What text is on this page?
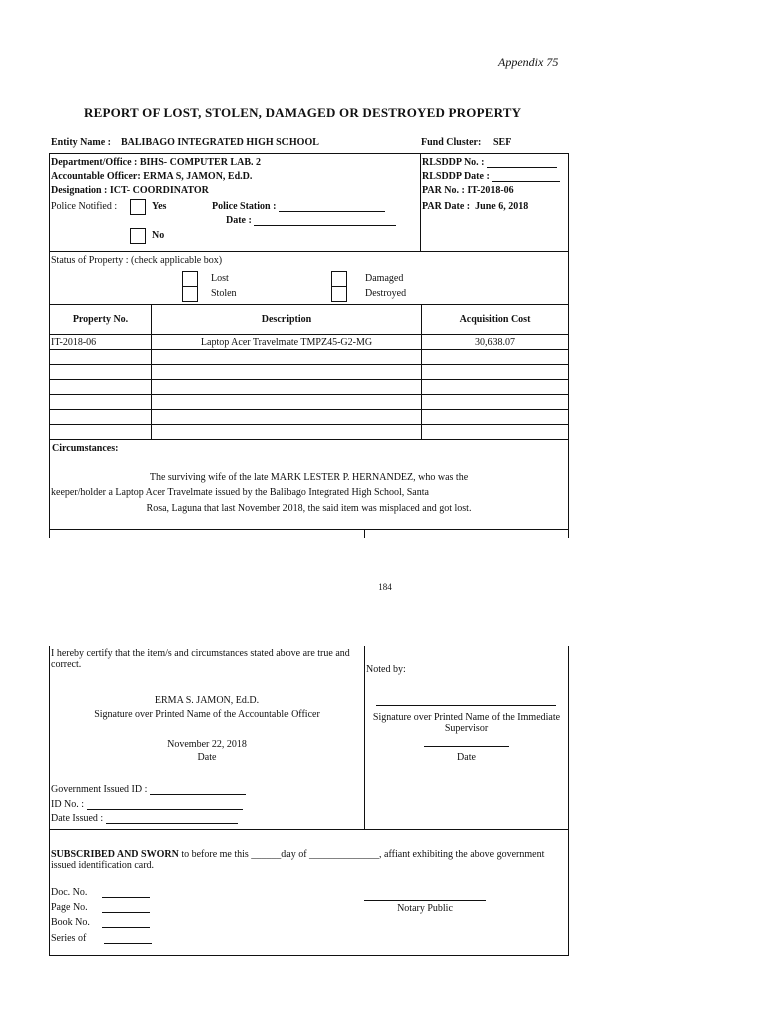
Appendix 75
REPORT OF LOST, STOLEN, DAMAGED OR DESTROYED PROPERTY
Entity Name : BALIBAGO INTEGRATED HIGH SCHOOL	Fund Cluster: SEF
Department/Office : BIHS- COMPUTER LAB. 2
Accountable Officer: ERMA S, JAMON, Ed.D.
Designation : ICT- COORDINATOR
Police Notified :	Yes
No
Police Station :
Date :
RLSDDP No. :
RLSDDP Date :
PAR No. : IT-2018-06
PAR Date : June 6, 2018
Status of Property : (check applicable box)
Lost
Stolen
Damaged
Destroyed
Property No.	Description	Acquisition Cost
IT-2018-06	Laptop Acer Travelmate TMPZ45-G2-MG	30,638.07
Circumstances:
The surviving wife of the late MARK LESTER P. HERNANDEZ, who was the
keeper/holder a Laptop Acer Travelmate issued by the Balibago Integrated High School, Santa
Rosa, Laguna that last November 2018, the said item was misplaced and got lost.
184
I hereby certify that the item/s and circumstances stated above are true and correct.
ERMA S. JAMON, Ed.D.
Signature over Printed Name of the Accountable Officer
November 22, 2018
Date
Government Issued ID :
ID No. :
Date Issued :
Noted by:
Signature over Printed Name of the Immediate Supervisor
Date
SUBSCRIBED AND SWORN to before me this ______day of ______________, affiant exhibiting the above government issued identification card.
Doc. No.
Page No.
Book No.
Series of
Notary Public
